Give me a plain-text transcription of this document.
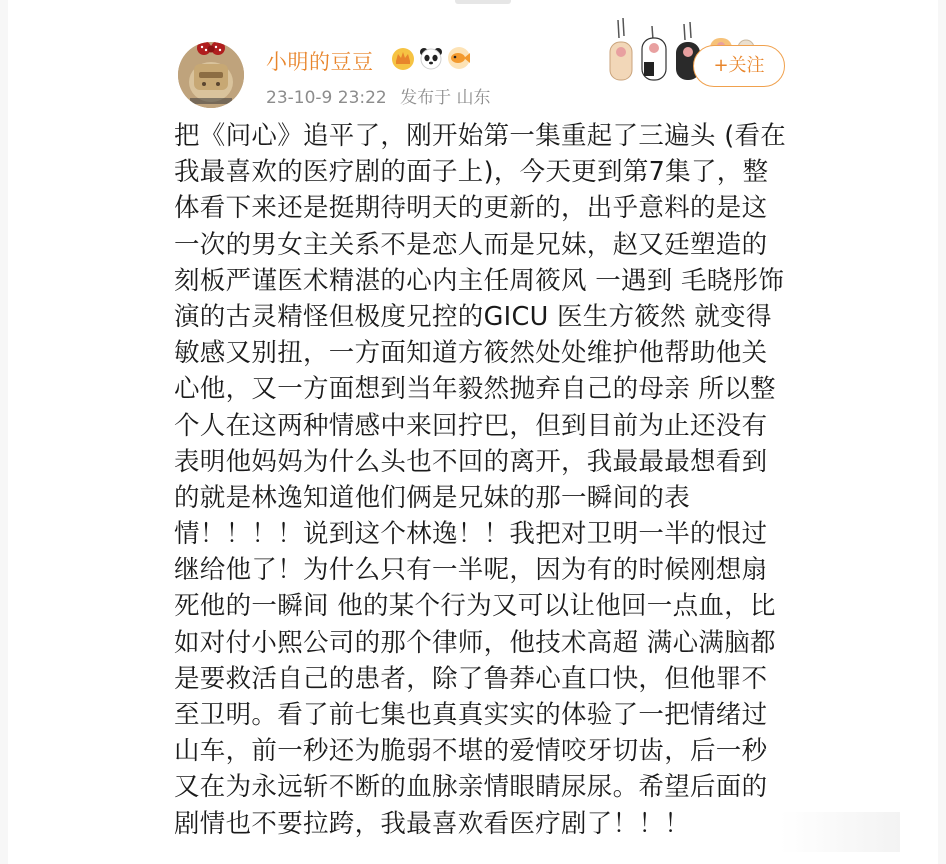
小明的豆豆
23-10-9 23:22 发布于 山东
+关注
把《问心》追平了，刚开始第一集重起了三遍头 (看在
我最喜欢的医疗剧的面子上)，今天更到第7集了，整
体看下来还是挺期待明天的更新的，出乎意料的是这
一次的男女主关系不是恋人而是兄妹，赵又廷塑造的
刻板严谨医术精湛的心内主任周筱风 一遇到 毛晓彤饰
演的古灵精怪但极度兄控的GICU 医生方筱然 就变得
敏感又别扭，一方面知道方筱然处处维护他帮助他关
心他，又一方面想到当年毅然抛弃自己的母亲 所以整
个人在这两种情感中来回拧巴，但到目前为止还没有
表明他妈妈为什么头也不回的离开，我最最最想看到
的就是林逸知道他们俩是兄妹的那一瞬间的表
情！！！！说到这个林逸！！我把对卫明一半的恨过
继给他了！为什么只有一半呢，因为有的时候刚想扇
死他的一瞬间 他的某个行为又可以让他回一点血，比
如对付小熙公司的那个律师，他技术高超 满心满脑都
是要救活自己的患者，除了鲁莽心直口快，但他罪不
至卫明。看了前七集也真真实实的体验了一把情绪过
山车，前一秒还为脆弱不堪的爱情咬牙切齿，后一秒
又在为永远斩不断的血脉亲情眼睛尿尿。希望后面的
剧情也不要拉跨，我最喜欢看医疗剧了！！！
